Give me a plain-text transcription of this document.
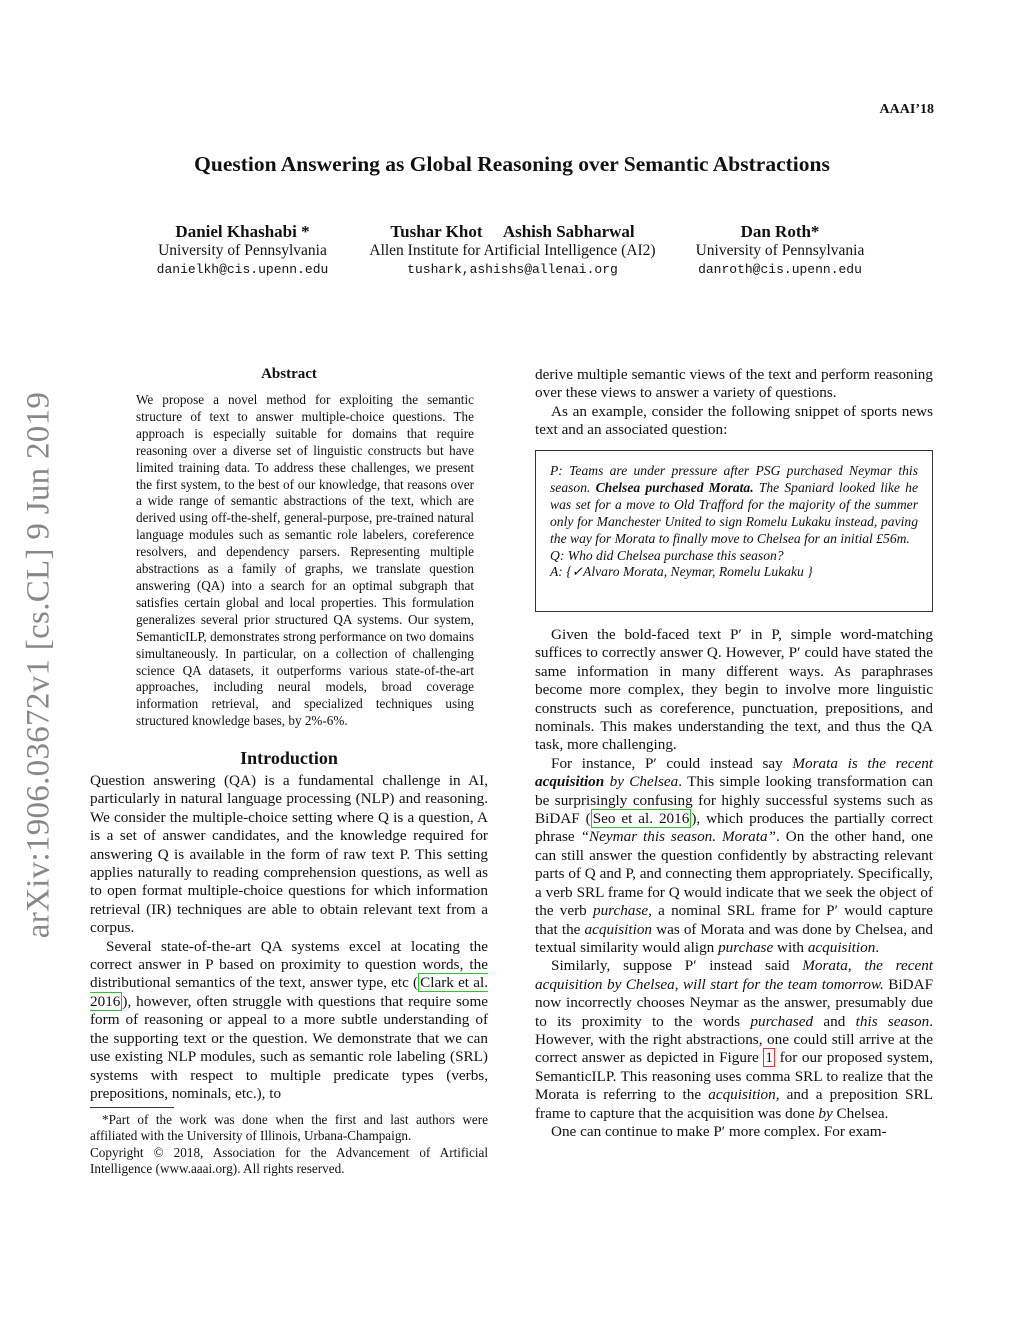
AAAI’18
Question Answering as Global Reasoning over Semantic Abstractions
Daniel Khashabi *
University of Pennsylvania
danielkh@cis.upenn.edu
Tushar Khot Ashish Sabharwal
Allen Institute for Artificial Intelligence (AI2)
tushark,ashishs@allenai.org
Dan Roth*
University of Pennsylvania
danroth@cis.upenn.edu
arXiv:1906.03672v1 [cs.CL] 9 Jun 2019
Abstract
We propose a novel method for exploiting the semantic structure of text to answer multiple-choice questions. The approach is especially suitable for domains that require reasoning over a diverse set of linguistic constructs but have limited training data. To address these challenges, we present the first system, to the best of our knowledge, that reasons over a wide range of semantic abstractions of the text, which are derived using off-the-shelf, general-purpose, pre-trained natural language modules such as semantic role labelers, coreference resolvers, and dependency parsers. Representing multiple abstractions as a family of graphs, we translate question answering (QA) into a search for an optimal subgraph that satisfies certain global and local properties. This formulation generalizes several prior structured QA systems. Our system, SemanticILP, demonstrates strong performance on two domains simultaneously. In particular, on a collection of challenging science QA datasets, it outperforms various state-of-the-art approaches, including neural models, broad coverage information retrieval, and specialized techniques using structured knowledge bases, by 2%-6%.
Introduction

Question answering (QA) is a fundamental challenge in AI, particularly in natural language processing (NLP) and reasoning. We consider the multiple-choice setting where Q is a question, A is a set of answer candidates, and the knowledge required for answering Q is available in the form of raw text P. This setting applies naturally to reading comprehension questions, as well as to open format multiple-choice questions for which information retrieval (IR) techniques are able to obtain relevant text from a corpus.

Several state-of-the-art QA systems excel at locating the correct answer in P based on proximity to question words, the distributional semantics of the text, answer type, etc ( Clark et al. 2016 ), however, often struggle with questions that require some form of reasoning or appeal to a more subtle understanding of the supporting text or the question. We demonstrate that we can use existing NLP modules, such as semantic role labeling (SRL) systems with respect to multiple predicate types (verbs, prepositions, nominals, etc.), to

*Part of the work was done when the first and last authors were affiliated with the University of Illinois, Urbana-Champaign.

Copyright © 2018, Association for the Advancement of Artificial Intelligence (www.aaai.org). All rights reserved.

derive multiple semantic views of the text and perform reasoning over these views to answer a variety of questions.

As an example, consider the following snippet of sports news text and an associated question:

P: Teams are under pressure after PSG purchased Neymar this season. Chelsea purchased Morata. The Spaniard looked like he was set for a move to Old Trafford for the majority of the summer only for Manchester United to sign Romelu Lukaku instead, paving the way for Morata to finally move to Chelsea for an initial £56m.
Q: Who did Chelsea purchase this season?
A: {✓Alvaro Morata, Neymar, Romelu Lukaku }

Given the bold-faced text P′ in P, simple word-matching suffices to correctly answer Q. However, P′ could have stated the same information in many different ways. As paraphrases become more complex, they begin to involve more linguistic constructs such as coreference, punctuation, prepositions, and nominals. This makes understanding the text, and thus the QA task, more challenging.

For instance, P′ could instead say Morata is the recent acquisition by Chelsea. This simple looking transformation can be surprisingly confusing for highly successful systems such as BiDAF ( Seo et al. 2016 ), which produces the partially correct phrase “Neymar this season. Morata”. On the other hand, one can still answer the question confidently by abstracting relevant parts of Q and P, and connecting them appropriately. Specifically, a verb SRL frame for Q would indicate that we seek the object of the verb purchase, a nominal SRL frame for P′ would capture that the acquisition was of Morata and was done by Chelsea, and textual similarity would align purchase with acquisition.

Similarly, suppose P′ instead said Morata, the recent acquisition by Chelsea, will start for the team tomorrow. BiDAF now incorrectly chooses Neymar as the answer, presumably due to its proximity to the words purchased and this season. However, with the right abstractions, one could still arrive at the correct answer as depicted in Figure 1 for our proposed system, SemanticILP. This reasoning uses comma SRL to realize that the Morata is referring to the acquisition, and a preposition SRL frame to capture that the acquisition was done by Chelsea.

One can continue to make P′ more complex. For exam-
